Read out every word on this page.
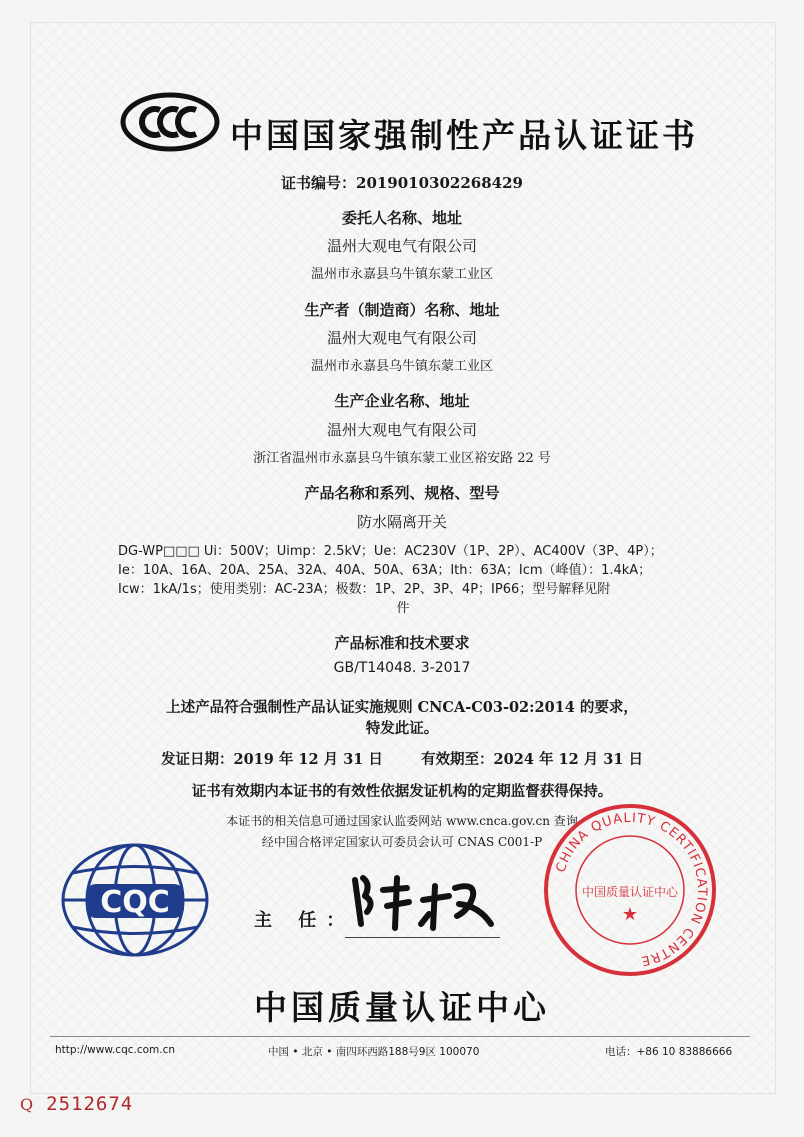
中国国家强制性产品认证证书
证书编号：2019010302268429
委托人名称、地址
温州大观电气有限公司
温州市永嘉县乌牛镇东蒙工业区
生产者（制造商）名称、地址
温州大观电气有限公司
温州市永嘉县乌牛镇东蒙工业区
生产企业名称、地址
温州大观电气有限公司
浙江省温州市永嘉县乌牛镇东蒙工业区裕安路 22 号
产品名称和系列、规格、型号
防水隔离开关
DG-WP□□□ Ui：500V；Uimp：2.5kV；Ue：AC230V（1P、2P）、AC400V（3P、4P）；
Ie：10A、16A、20A、25A、32A、40A、50A、63A；Ith：63A；Icm（峰值）：1.4kA；
Icw：1kA/1s；使用类别：AC-23A；极数：1P、2P、3P、4P；IP66；型号解释见附
件
产品标准和技术要求
GB/T14048. 3-2017
上述产品符合强制性产品认证实施规则 CNCA-C03-02:2014 的要求，
特发此证。
发证日期：2019 年 12 月 31 日	有效期至：2024 年 12 月 31 日
证书有效期内本证书的有效性依据发证机构的定期监督获得保持。
本证书的相关信息可通过国家认监委网站 www.cnca.gov.cn 查询
经中国合格评定国家认可委员会认可 CNAS C001-P
CQC
主 任：
CHINA QUALITY CERTIFICATION CENTRE
中国质量认证中心
★
中国质量认证中心
http://www.cqc.com.cn	中国 • 北京 • 南四环西路188号9区 100070	电话：+86 10 83886666
Q 2512674
